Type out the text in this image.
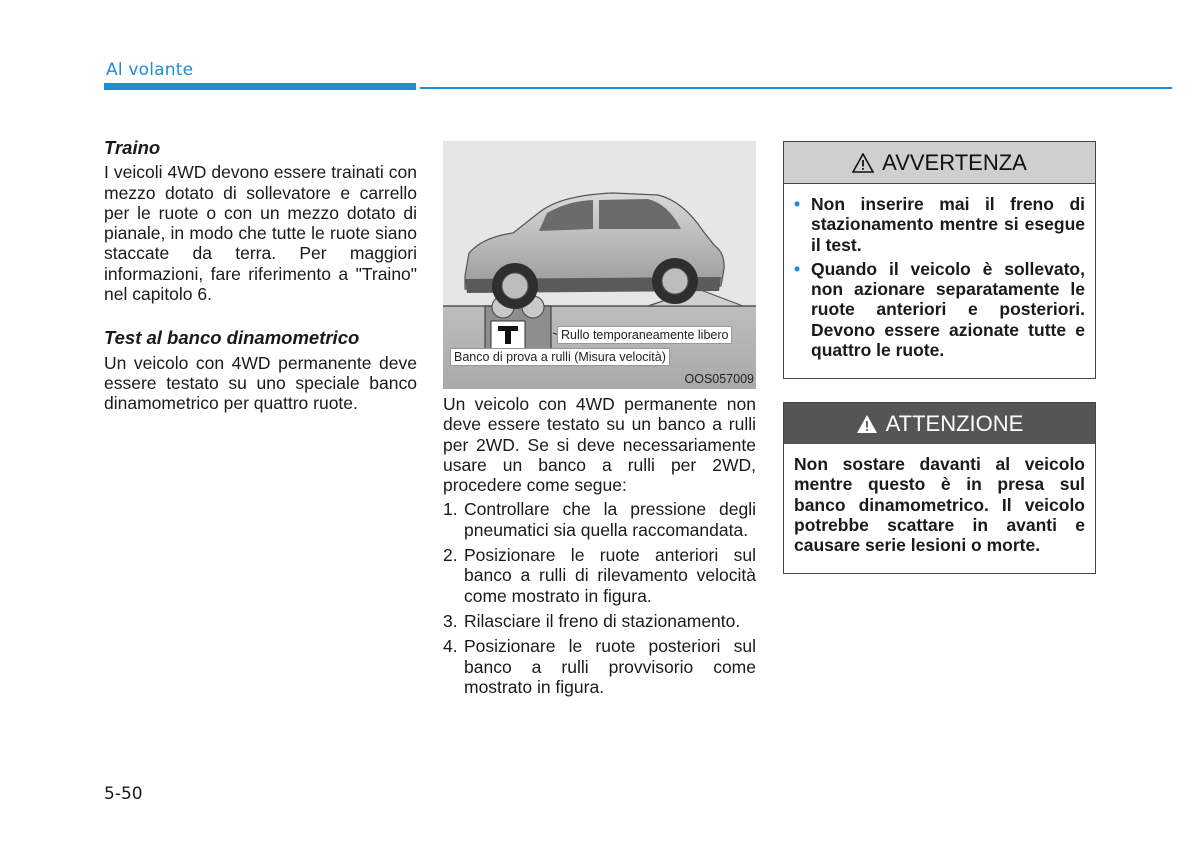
Al volante
Traino

I veicoli 4WD devono essere trainati con mezzo dotato di sollevatore e carrello per le ruote o con un mezzo dotato di pianale, in modo che tutte le ruote siano staccate da terra. Per maggiori informazioni, fare riferimento a "Traino" nel capitolo 6.

Test al banco dinamometrico

Un veicolo con 4WD permanente deve essere testato su uno speciale banco dinamometrico per quattro ruote.

Rullo temporaneamente libero
Banco di prova a rulli (Misura velocità)
OOS057009

Un veicolo con 4WD permanente non deve essere testato su un banco a rulli per 2WD. Se si deve necessariamente usare un banco a rulli per 2WD, procedere come segue:

1. Controllare che la pressione degli pneumatici sia quella raccomandata.
2. Posizionare le ruote anteriori sul banco a rulli di rilevamento velocità come mostrato in figura.
3. Rilasciare il freno di stazionamento.
4. Posizionare le ruote posteriori sul banco a rulli provvisorio come mostrato in figura.
AVVERTENZA
• Non inserire mai il freno di stazionamento mentre si esegue il test.
• Quando il veicolo è sollevato, non azionare separatamente le ruote anteriori e posteriori. Devono essere azionate tutte e quattro le ruote.
ATTENZIONE
Non sostare davanti al veicolo mentre questo è in presa sul banco dinamometrico. Il veicolo potrebbe scattare in avanti e causare serie lesioni o morte.
5-50
